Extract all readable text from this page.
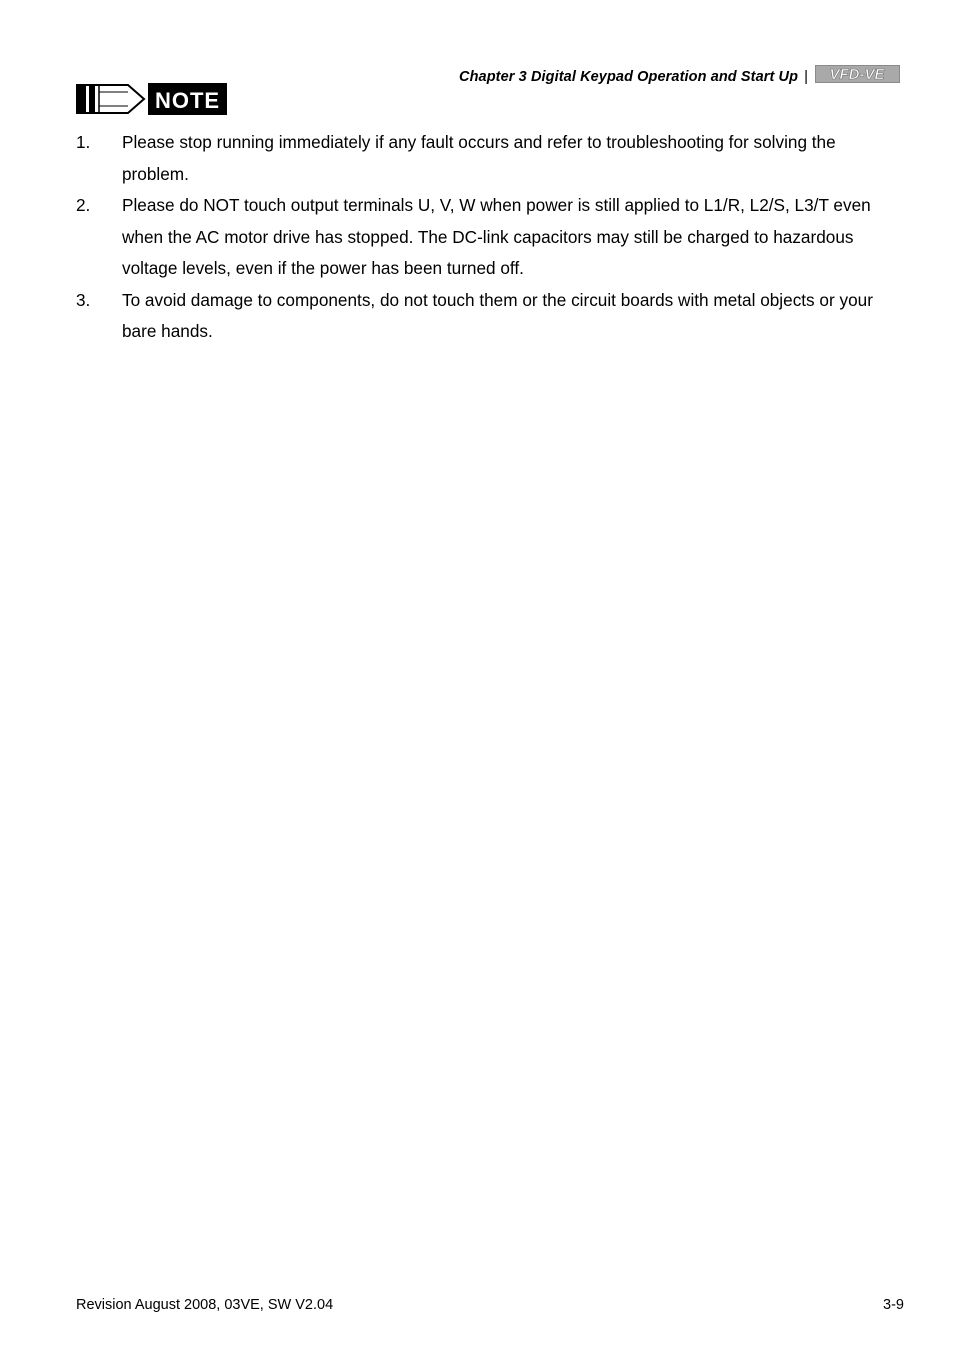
Chapter 3 Digital Keypad Operation and Start Up | VFD-VE
NOTE
1.	Please stop running immediately if any fault occurs and refer to troubleshooting for solving the problem.
2.	Please do NOT touch output terminals U, V, W when power is still applied to L1/R, L2/S, L3/T even when the AC motor drive has stopped. The DC-link capacitors may still be charged to hazardous voltage levels, even if the power has been turned off.
3.	To avoid damage to components, do not touch them or the circuit boards with metal objects or your bare hands.
Revision August 2008, 03VE, SW V2.04	3-9
